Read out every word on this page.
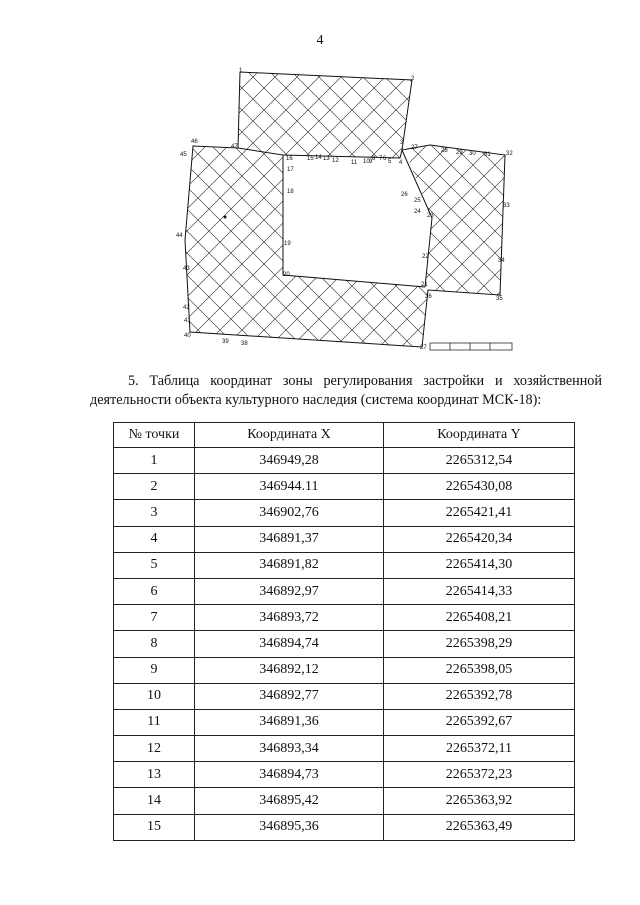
4
1
2
3
4
5
6
7
8
9
10
11
12
13
14
15
16
17
18
19
20
21
22
23
24
25
26
27	28 29 30 31	32
33
34
35
36
27
38
39
40
41
42
43
44
45
46
47
5. Таблица координат зоны регулирования застройки и хозяйственной деятельности объекта культурного наследия (система координат МСК-18):
№ точки	Координата X	Координата Y
1	346949,28	2265312,54
2	346944.11	2265430,08
3	346902,76	2265421,41
4	346891,37	2265420,34
5	346891,82	2265414,30
6	346892,97	2265414,33
7	346893,72	2265408,21
8	346894,74	2265398,29
9	346892,12	2265398,05
10	346892,77	2265392,78
11	346891,36	2265392,67
12	346893,34	2265372,11
13	346894,73	2265372,23
14	346895,42	2265363,92
15	346895,36	2265363,49
